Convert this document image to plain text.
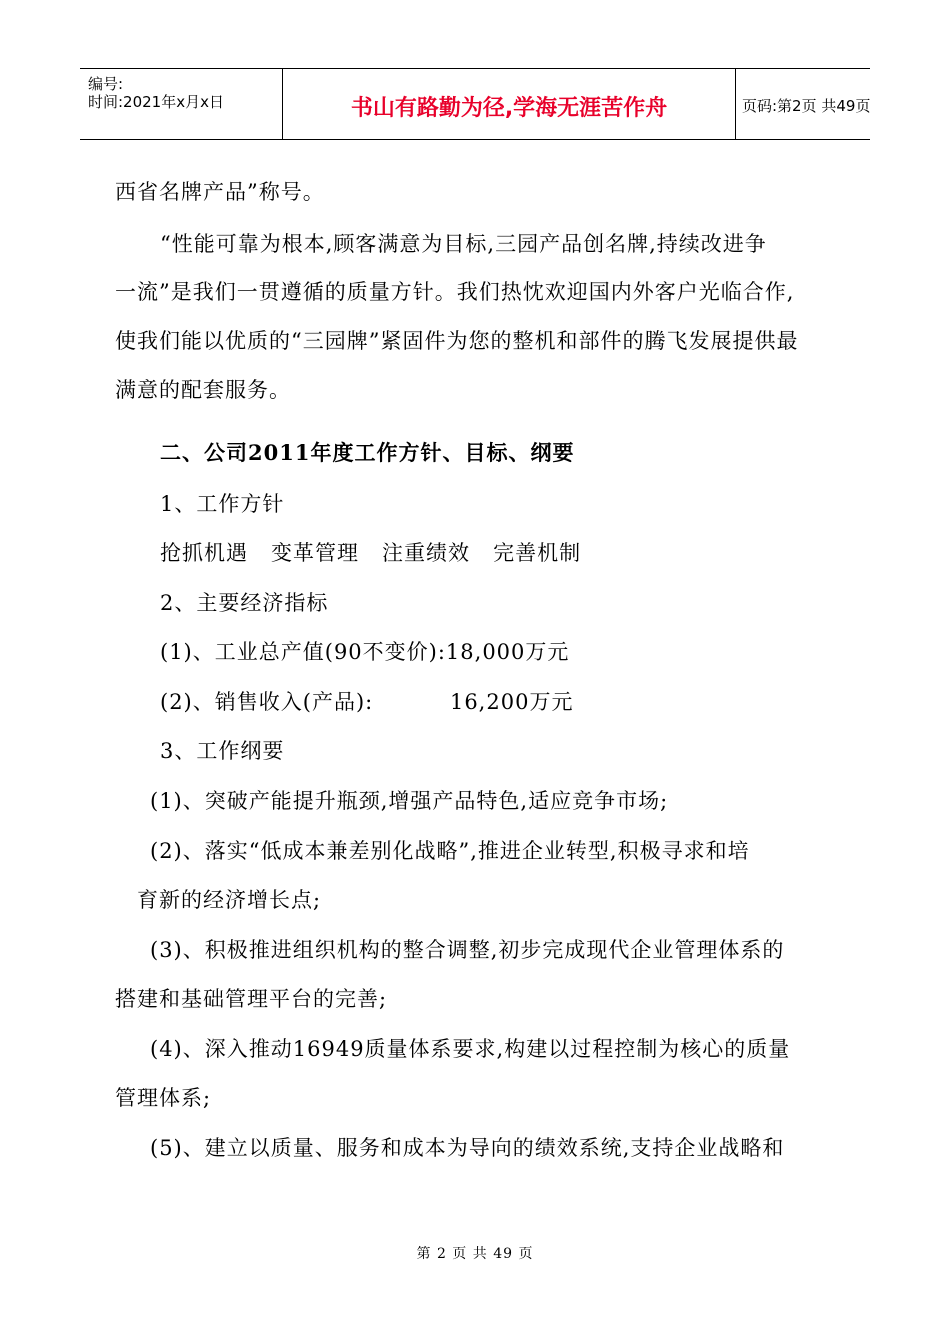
编号:
时间:2021年x月x日	书山有路勤为径,学海无涯苦作舟	页码:第2页 共49页
西省名牌产品”称号。
“性能可靠为根本,顾客满意为目标,三园产品创名牌,持续改进争
一流”是我们一贯遵循的质量方针。我们热忱欢迎国内外客户光临合作,
使我们能以优质的“三园牌”紧固件为您的整机和部件的腾飞发展提供最
满意的配套服务。
二、公司2011年度工作方针、目标、纲要
1、工作方针
抢抓机遇   变革管理   注重绩效   完善机制
2、主要经济指标
(1)、工业总产值(90不变价):18,000万元
(2)、销售收入(产品):          16,200万元
3、工作纲要
(1)、突破产能提升瓶颈,增强产品特色,适应竞争市场;
(2)、落实“低成本兼差别化战略”,推进企业转型,积极寻求和培
育新的经济增长点;
(3)、积极推进组织机构的整合调整,初步完成现代企业管理体系的
搭建和基础管理平台的完善;
(4)、深入推动16949质量体系要求,构建以过程控制为核心的质量
管理体系;
(5)、建立以质量、服务和成本为导向的绩效系统,支持企业战略和
第 2 页 共 49 页
